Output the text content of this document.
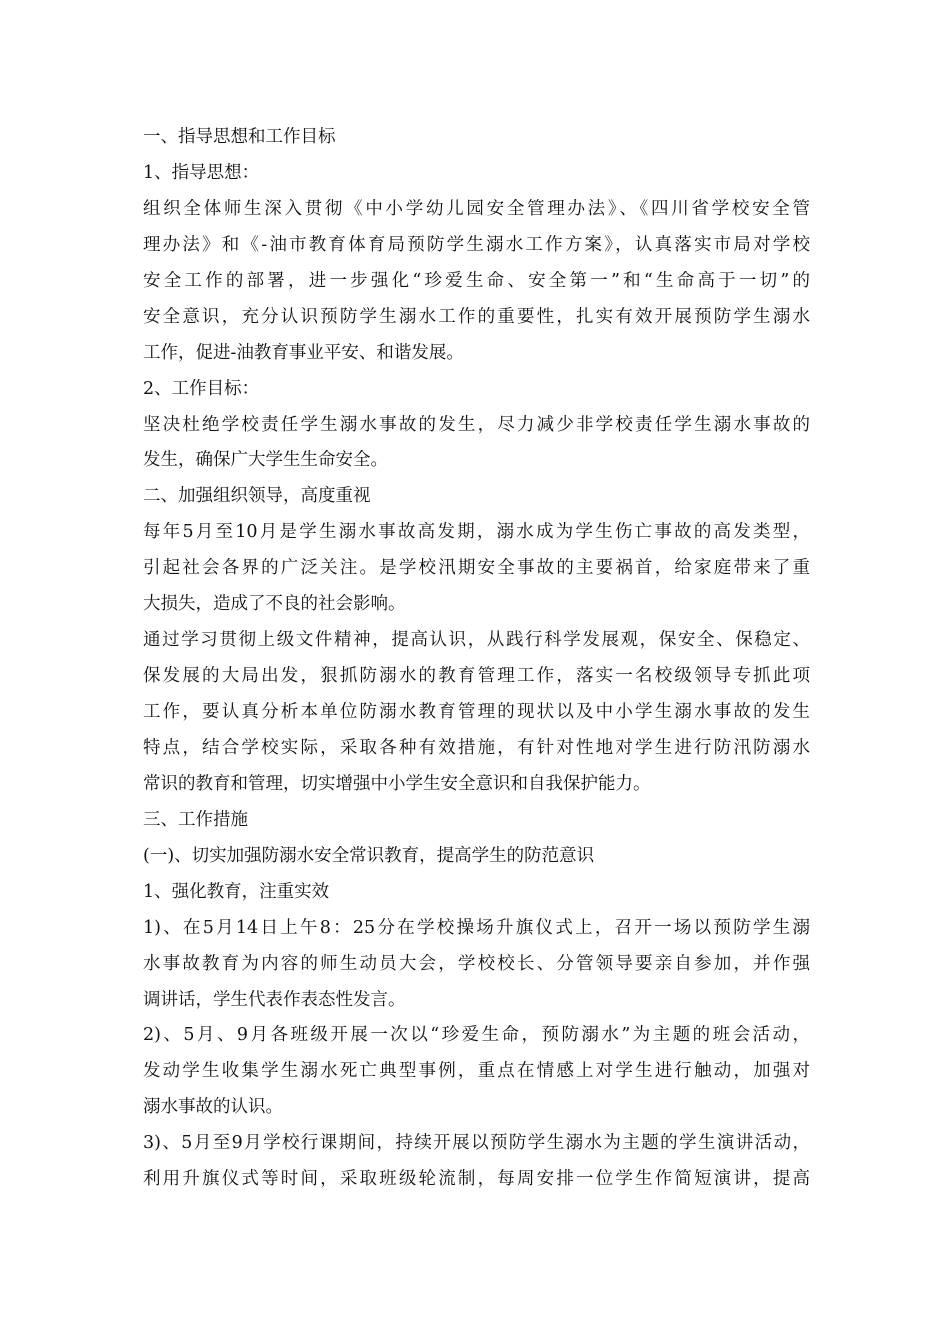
一、指导思想和工作目标
1、指导思想：
组织全体师生深入贯彻《中小学幼儿园安全管理办法》、《四川省学校安全管
理办法》和《-油市教育体育局预防学生溺水工作方案》，认真落实市局对学校
安全工作的部署，进一步强化“珍爱生命、安全第一”和“生命高于一切”的
安全意识，充分认识预防学生溺水工作的重要性，扎实有效开展预防学生溺水
工作，促进-油教育事业平安、和谐发展。
2、工作目标：
坚决杜绝学校责任学生溺水事故的发生，尽力减少非学校责任学生溺水事故的
发生，确保广大学生生命安全。
二、加强组织领导，高度重视
每年5月至10月是学生溺水事故高发期，溺水成为学生伤亡事故的高发类型，
引起社会各界的广泛关注。是学校汛期安全事故的主要祸首，给家庭带来了重
大损失，造成了不良的社会影响。
通过学习贯彻上级文件精神，提高认识，从践行科学发展观，保安全、保稳定、
保发展的大局出发，狠抓防溺水的教育管理工作，落实一名校级领导专抓此项
工作，要认真分析本单位防溺水教育管理的现状以及中小学生溺水事故的发生
特点，结合学校实际，采取各种有效措施，有针对性地对学生进行防汛防溺水
常识的教育和管理，切实增强中小学生安全意识和自我保护能力。
三、工作措施
(一)、切实加强防溺水安全常识教育，提高学生的防范意识
1、强化教育，注重实效
1)、在5月14日上午8：25分在学校操场升旗仪式上，召开一场以预防学生溺
水事故教育为内容的师生动员大会，学校校长、分管领导要亲自参加，并作强
调讲话，学生代表作表态性发言。
2)、5月、9月各班级开展一次以“珍爱生命，预防溺水”为主题的班会活动，
发动学生收集学生溺水死亡典型事例，重点在情感上对学生进行触动，加强对
溺水事故的认识。
3)、5月至9月学校行课期间，持续开展以预防学生溺水为主题的学生演讲活动，
利用升旗仪式等时间，采取班级轮流制，每周安排一位学生作简短演讲，提高
